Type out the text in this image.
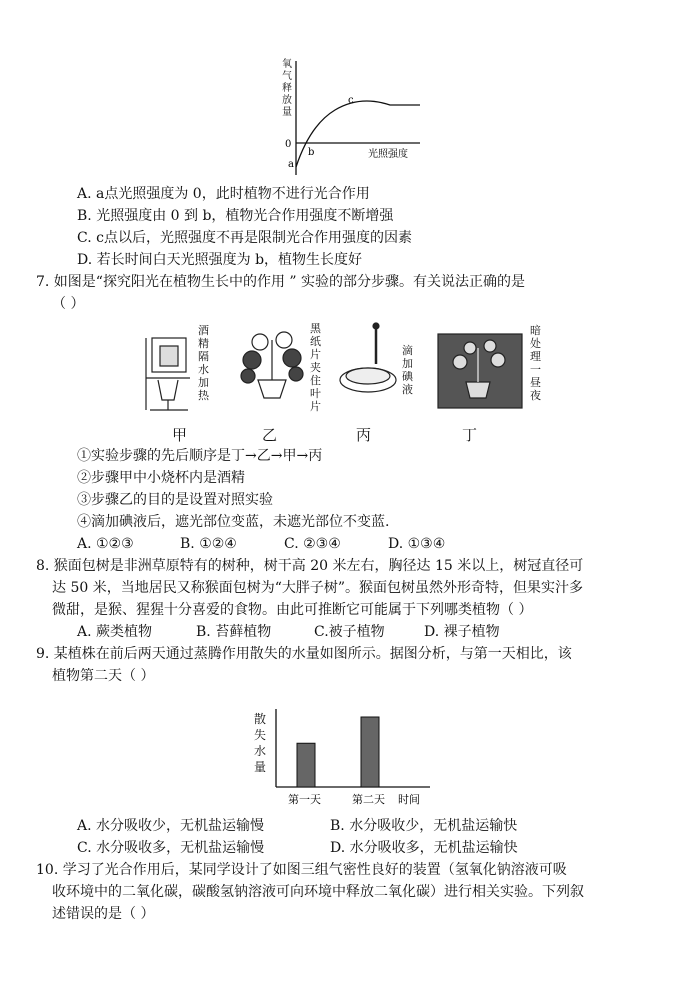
氧
气
释
放
量
0
a
b
c
光照强度
A. a点光照强度为 0，此时植物不进行光合作用
B. 光照强度由 0 到 b，植物光合作用强度不断增强
C. c点以后，光照强度不再是限制光合作用强度的因素
D. 若长时间白天光照强度为 b，植物生长度好
7. 如图是“探究阳光在植物生长中的作用 ” 实验的部分步骤。有关说法正确的是
（ ）
酒
精
隔
水
加
热
黑
纸
片
夹
住
叶
片
滴
加
碘
液
暗
处
理
一
昼
夜
甲	乙	丙	丁
①实验步骤的先后顺序是丁→乙→甲→丙
②步骤甲中小烧杯内是酒精
③步骤乙的目的是设置对照实验
④滴加碘液后，遮光部位变蓝，未遮光部位不变蓝.
A. ①②③	B. ①②④	C. ②③④	D. ①③④
8. 猴面包树是非洲草原特有的树种，树干高 20 米左右，胸径达 15 米以上，树冠直径可
达 50 米，当地居民又称猴面包树为“大胖子树”。猴面包树虽然外形奇特，但果实汁多
微甜，是猴、猩猩十分喜爱的食物。由此可推断它可能属于下列哪类植物（ ）
A. 蕨类植物	B. 苔藓植物	C.被子植物	D. 裸子植物
9. 某植株在前后两天通过蒸腾作用散失的水量如图所示。据图分析，与第一天相比，该
植物第二天（ ）
散
失
水
量
第一天	第二天 时间
A. 水分吸收少，无机盐运输慢	B. 水分吸收少，无机盐运输快
C. 水分吸收多，无机盐运输慢	D. 水分吸收多，无机盐运输快
10. 学习了光合作用后，某同学设计了如图三组气密性良好的装置（氢氧化钠溶液可吸
收环境中的二氧化碳，碳酸氢钠溶液可向环境中释放二氧化碳）进行相关实验。下列叙
述错误的是（ ）
